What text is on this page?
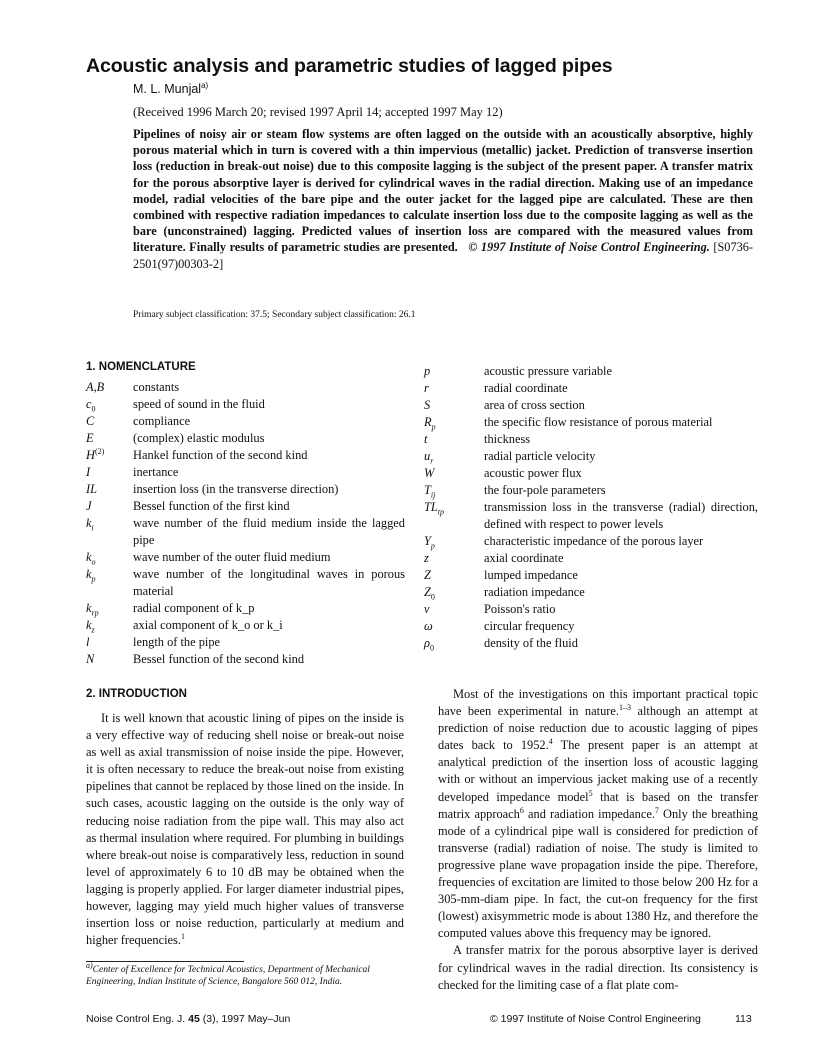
Acoustic analysis and parametric studies of lagged pipes
M. L. Munjal$^{a)}$
(Received 1996 March 20; revised 1997 April 14; accepted 1997 May 12)
Pipelines of noisy air or steam flow systems are often lagged on the outside with an acoustically absorptive, highly porous material which in turn is covered with a thin impervious (metallic) jacket. Prediction of transverse insertion loss (reduction in break-out noise) due to this composite lagging is the subject of the present paper. A transfer matrix for the porous absorptive layer is derived for cylindrical waves in the radial direction. Making use of an impedance model, radial velocities of the bare pipe and the outer jacket for the lagged pipe are calculated. These are then combined with respective radiation impedances to calculate insertion loss due to the composite lagging as well as the bare (unconstrained) lagging. Predicted values of insertion loss are compared with the measured values from literature. Finally results of parametric studies are presented. © 1997 Institute of Noise Control Engineering. [S0736-2501(97)00303-2]
Primary subject classification: 37.5; Secondary subject classification: 26.1
1. NOMENCLATURE
A,B	constants
$c_0$	speed of sound in the fluid
C	compliance
E	(complex) elastic modulus
$H^{(2)}$	Hankel function of the second kind
I	inertance
IL	insertion loss (in the transverse direction)
J	Bessel function of the first kind
$k_i$	wave number of the fluid medium inside the lagged pipe
$k_o$	wave number of the outer fluid medium
$k_p$	wave number of the longitudinal waves in porous material
$k_{rp}$	radial component of k_p
$k_z$	axial component of k_o or k_i
l	length of the pipe
N	Bessel function of the second kind
p	acoustic pressure variable
r	radial coordinate
S	area of cross section
$R_p$	the specific flow resistance of porous material
t	thickness
$u_r$	radial particle velocity
W	acoustic power flux
$T_{ij}$	the four-pole parameters
$TL_{tp}$	transmission loss in the transverse (radial) direction, defined with respect to power levels
$Y_p$	characteristic impedance of the porous layer
z	axial coordinate
Z	lumped impedance
$Z_0$	radiation impedance
ν	Poisson's ratio
ω	circular frequency
$\rho_0$	density of the fluid
2. INTRODUCTION

It is well known that acoustic lining of pipes on the inside is a very effective way of reducing shell noise or break-out noise as well as axial transmission of noise inside the pipe. However, it is often necessary to reduce the break-out noise from existing pipelines that cannot be replaced by those lined on the inside. In such cases, acoustic lagging on the outside is the only way of reducing noise radiation from the pipe wall. This may also act as thermal insulation where required. For plumbing in buildings where break-out noise is comparatively less, reduction in sound level of approximately 6 to 10 dB may be obtained when the lagging is properly applied. For larger diameter industrial pipes, however, lagging may yield much higher values of transverse insertion loss or noise reduction, particularly at medium and higher frequencies.$^1$

Most of the investigations on this important practical topic have been experimental in nature.$^{1-3}$ although an attempt at prediction of noise reduction due to acoustic lagging of pipes dates back to 1952.$^4$ The present paper is an attempt at analytical prediction of the insertion loss of acoustic lagging with or without an impervious jacket making use of a recently developed impedance model$^5$ that is based on the transfer matrix approach$^6$ and radiation impedance.$^7$ Only the breathing mode of a cylindrical pipe wall is considered for prediction of transverse (radial) radiation of noise. The study is limited to progressive plane wave propagation inside the pipe. Therefore, frequencies of excitation are limited to those below 200 Hz for a 305-mm-diam pipe. In fact, the cut-on frequency for the first (lowest) axisymmetric mode is about 1380 Hz, and therefore the computed values above this frequency may be ignored.

A transfer matrix for the porous absorptive layer is derived for cylindrical waves in the radial direction. Its consistency is checked for the limiting case of a flat plate com-

$^{a)}$Center of Excellence for Technical Acoustics, Department of Mechanical Engineering, Indian Institute of Science, Bangalore 560 012, India.
Noise Control Eng. J. 45 (3), 1997 May–Jun	© 1997 Institute of Noise Control Engineering	113
